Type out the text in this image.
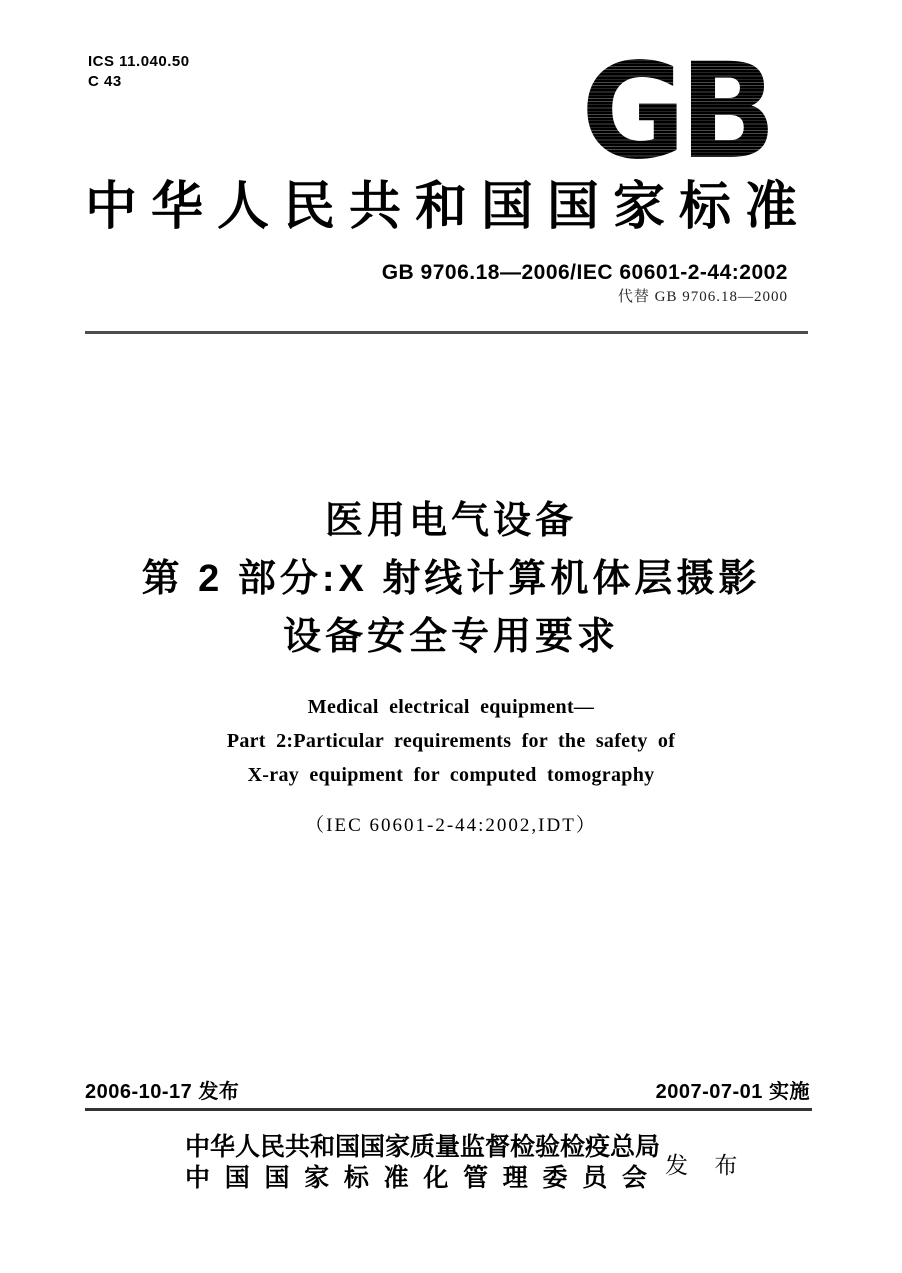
ICS 11.040.50
C 43	GB
中华人民共和国国家标准
GB 9706.18—2006/IEC 60601-2-44:2002
代替 GB 9706.18—2000
医用电气设备
第 2 部分:X 射线计算机体层摄影
设备安全专用要求
Medical electrical equipment—
Part 2:Particular requirements for the safety of
X-ray equipment for computed tomography
（IEC 60601-2-44:2002,IDT）
2006-10-17 发布	2007-07-01 实施
中华人民共和国国家质量监督检验检疫总局
中国国家标准化管理委员会
发 布
